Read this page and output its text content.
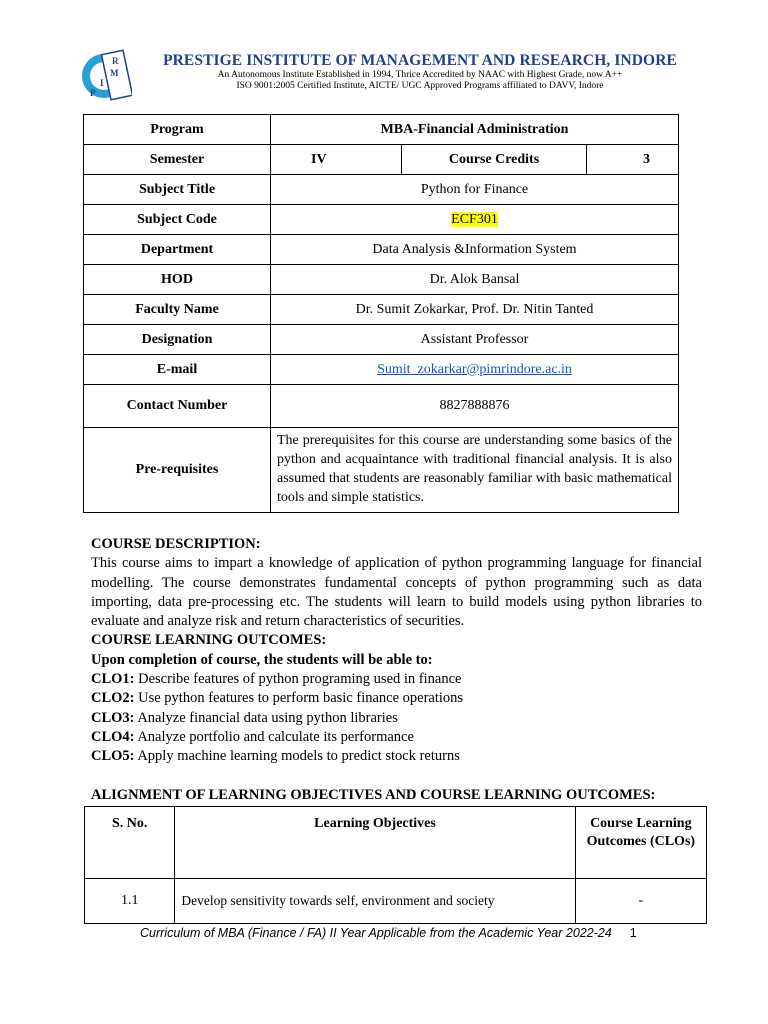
R
M
I
P
PRESTIGE INSTITUTE OF MANAGEMENT AND RESEARCH, INDORE
An Autonomous Institute Established in 1994, Thrice Accredited by NAAC with Highest Grade, now A++
ISO 9001:2005 Certified Institute, AICTE/ UGC Approved Programs affiliated to DAVV, Indore
Program	MBA-Financial Administration		
Semester	IV	Course Credits	3
Subject Title	Python for Finance		
Subject Code	ECF301		
Department	Data Analysis &Information System		
HOD	Dr. Alok Bansal		
Faculty Name	Dr. Sumit Zokarkar, Prof. Dr. Nitin Tanted		
Designation	Assistant Professor		
E-mail	Sumit_zokarkar@pimrindore.ac.in		
Contact Number	8827888876		
Pre-requisites	The prerequisites for this course are understanding some basics of the python and acquaintance with traditional financial analysis. It is also assumed that students are reasonably familiar with basic mathematical tools and simple statistics.		

COURSE DESCRIPTION:

This course aims to impart a knowledge of application of python programming language for financial modelling. The course demonstrates fundamental concepts of python programming such as data importing, data pre-processing etc. The students will learn to build models using python libraries to evaluate and analyze risk and return characteristics of securities.

COURSE LEARNING OUTCOMES:

Upon completion of course, the students will be able to:

CLO1: Describe features of python programing used in finance

CLO2: Use python features to perform basic finance operations

CLO3: Analyze financial data using python libraries

CLO4: Analyze portfolio and calculate its performance

CLO5: Apply machine learning models to predict stock returns

ALIGNMENT OF LEARNING OBJECTIVES AND COURSE LEARNING OUTCOMES:
S. No.	Learning Objectives	Course Learning
Outcomes (CLOs)
1.1	Develop sensitivity towards self, environment and society	-
Curriculum of MBA (Finance / FA) II Year Applicable from the Academic Year 2022-24 1
